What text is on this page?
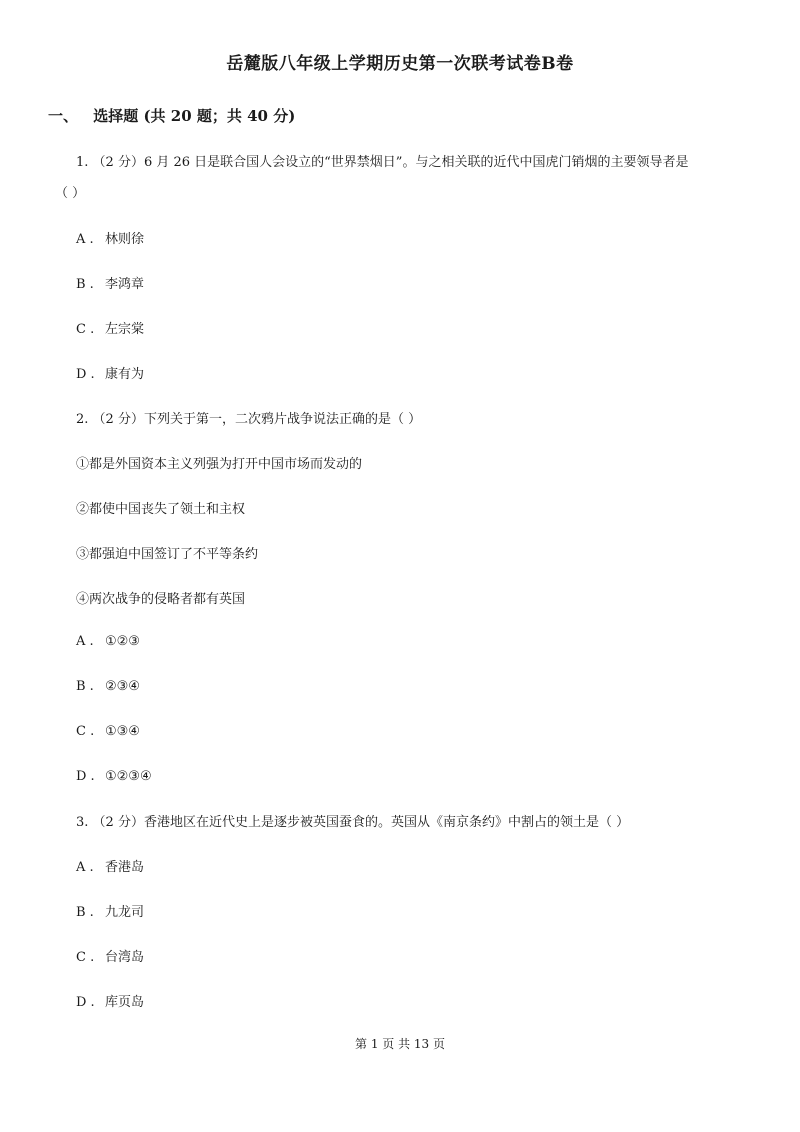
岳麓版八年级上学期历史第一次联考试卷B卷
一、 选择题 (共 20 题；共 40 分)
1. （2 分）6 月 26 日是联合国人会设立的“世界禁烟日”。与之相关联的近代中国虎门销烟的主要领导者是
（ ）
A . 林则徐
B . 李鸿章
C . 左宗棠
D . 康有为
2. （2 分）下列关于第一，二次鸦片战争说法正确的是（ ）
①都是外国资本主义列强为打开中国市场而发动的
②都使中国丧失了领土和主权
③都强迫中国签订了不平等条约
④两次战争的侵略者都有英国
A . ①②③
B . ②③④
C . ①③④
D . ①②③④
3. （2 分）香港地区在近代史上是逐步被英国蚕食的。英国从《南京条约》中割占的领土是（ ）
A . 香港岛
B . 九龙司
C . 台湾岛
D . 库页岛
第 1 页 共 13 页
